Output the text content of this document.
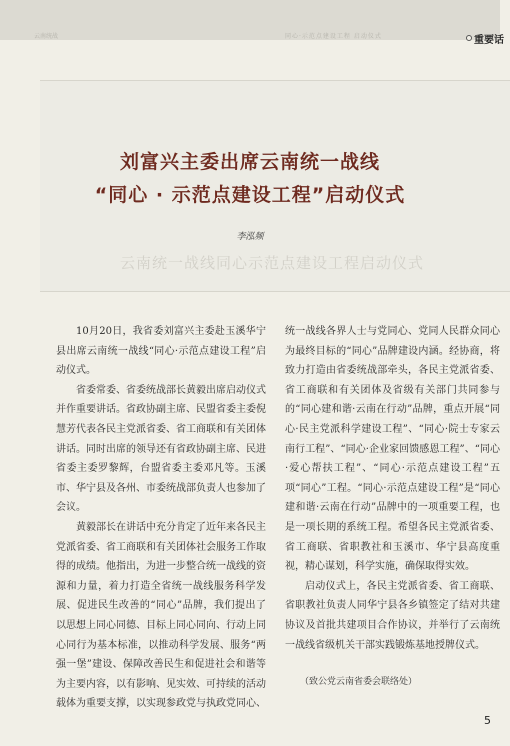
云南统战	同心·示范点建设工程 启动仪式	重要话
云南统一战线同心示范点建设工程启动仪式
刘富兴主委出席云南统一战线
“同心 · 示范点建设工程”启动仪式
李泓频

10月20日，我省委刘富兴主委赴玉溪华宁县出席云南统一战线“同心·示范点建设工程”启动仪式。

省委常委、省委统战部长黄毅出席启动仪式并作重要讲话。省政协副主席、民盟省委主委倪慧芳代表各民主党派省委、省工商联和有关团体讲话。同时出席的领导还有省政协副主席、民进省委主委罗黎辉，台盟省委主委邓凡等。玉溪市、华宁县及各州、市委统战部负责人也参加了会议。

黄毅部长在讲话中充分肯定了近年来各民主党派省委、省工商联和有关团体社会服务工作取得的成绩。他指出，为进一步整合统一战线的资源和力量，着力打造全省统一战线服务科学发展、促进民生改善的“同心”品牌，我们提出了以思想上同心同德、目标上同心同向、行动上同心同行为基本标准，以推动科学发展、服务“两强一堡”建设、保障改善民生和促进社会和谐等为主要内容，以有影响、见实效、可持续的活动载体为重要支撑，以实现参政党与执政党同心、

统一战线各界人士与党同心、党同人民群众同心为最终目标的“同心”品牌建设内涵。经协商，将致力打造由省委统战部牵头，各民主党派省委、省工商联和有关团体及省级有关部门共同参与的“同心建和谐·云南在行动”品牌，重点开展“同心·民主党派科学建设工程”、“同心·院士专家云南行工程”、“同心·企业家回馈感恩工程”、“同心·爱心帮扶工程”、“同心·示范点建设工程”五项“同心”工程。“同心·示范点建设工程”是“同心建和谐·云南在行动”品牌中的一项重要工程，也是一项长期的系统工程。希望各民主党派省委、省工商联、省职教社和玉溪市、华宁县高度重视，精心谋划，科学实施，确保取得实效。

启动仪式上，各民主党派省委、省工商联、省职教社负责人同华宁县各乡镇签定了结对共建协议及首批共建项目合作协议，并举行了云南统一战线省级机关干部实践锻炼基地授牌仪式。

（致公党云南省委会联络处）
5
